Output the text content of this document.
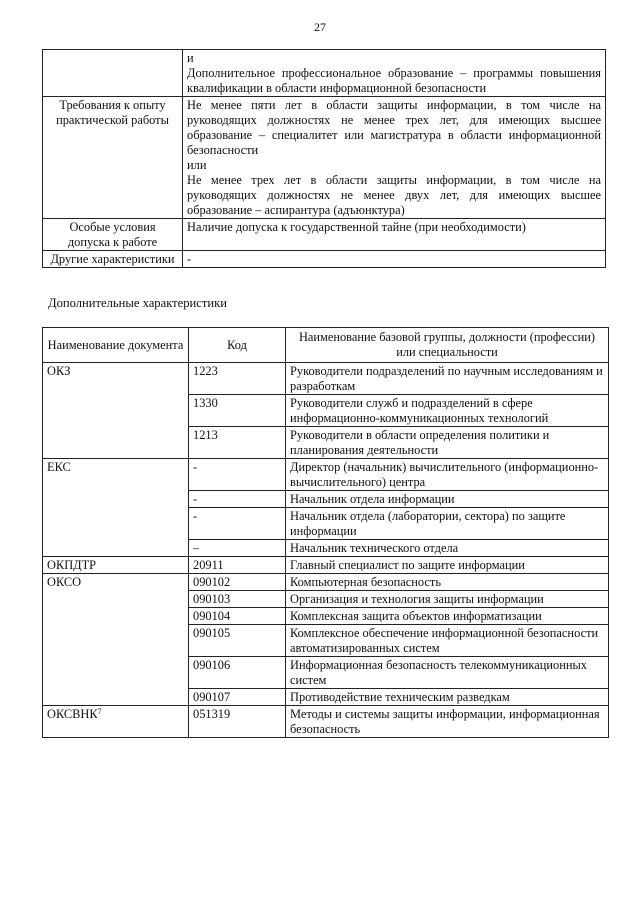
27

	и
Дополнительное профессиональное образование – программы повышения квалификации в области информационной безопасности

Требования к опыту практической работы	Не менее пяти лет в области защиты информации, в том числе на руководящих должностях не менее трех лет, для имеющих высшее образование – специалитет или магистратура в области информационной безопасности
или
Не менее трех лет в области защиты информации, в том числе на руководящих должностях не менее двух лет, для имеющих высшее образование – аспирантура (адъюнктура)

Особые условия допуска к работе	Наличие допуска к государственной тайне (при необходимости)

Другие характеристики	-
Дополнительные характеристики
Наименование документа	Код	Наименование базовой группы, должности (профессии) или специальности
ОКЗ	1223	Руководители подразделений по научным исследованиям и разработкам
	1330	Руководители служб и подразделений в сфере информационно-коммуникационных технологий
	1213	Руководители в области определения политики и планирования деятельности
ЕКС	-	Директор (начальник) вычислительного (информационно-вычислительного) центра
	-	Начальник отдела информации
	-	Начальник отдела (лаборатории, сектора) по защите информации
	–	Начальник технического отдела
ОКПДТР	20911	Главный специалист по защите информации
ОКСО	090102	Компьютерная безопасность
	090103	Организация и технология защиты информации
	090104	Комплексная защита объектов информатизации
	090105	Комплексное обеспечение информационной безопасности автоматизированных систем
	090106	Информационная безопасность телекоммуникационных систем
	090107	Противодействие техническим разведкам
ОКСВНК$^7$	051319	Методы и системы защиты информации, информационная безопасность
